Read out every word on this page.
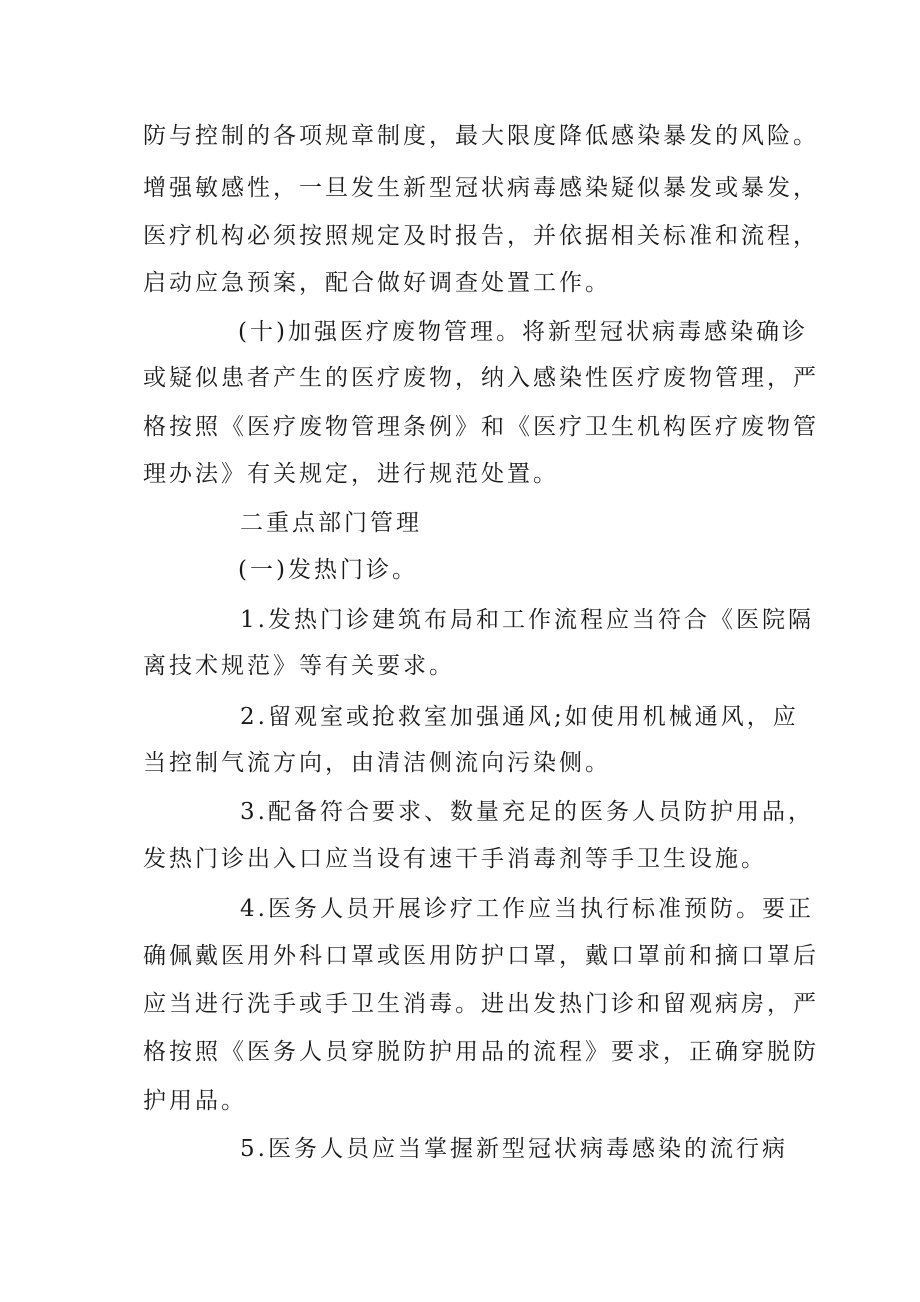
防与控制的各项规章制度，最大限度降低感染暴发的风险。
增强敏感性，一旦发生新型冠状病毒感染疑似暴发或暴发，
医疗机构必须按照规定及时报告，并依据相关标准和流程，
启动应急预案，配合做好调查处置工作。
(十)加强医疗废物管理。将新型冠状病毒感染确诊
或疑似患者产生的医疗废物，纳入感染性医疗废物管理，严
格按照《医疗废物管理条例》和《医疗卫生机构医疗废物管
理办法》有关规定，进行规范处置。
二重点部门管理
(一)发热门诊。
1.发热门诊建筑布局和工作流程应当符合《医院隔
离技术规范》等有关要求。
2.留观室或抢救室加强通风;如使用机械通风，应
当控制气流方向，由清洁侧流向污染侧。
3.配备符合要求、数量充足的医务人员防护用品，
发热门诊出入口应当设有速干手消毒剂等手卫生设施。
4.医务人员开展诊疗工作应当执行标准预防。要正
确佩戴医用外科口罩或医用防护口罩，戴口罩前和摘口罩后
应当进行洗手或手卫生消毒。进出发热门诊和留观病房，严
格按照《医务人员穿脱防护用品的流程》要求，正确穿脱防
护用品。
5.医务人员应当掌握新型冠状病毒感染的流行病
